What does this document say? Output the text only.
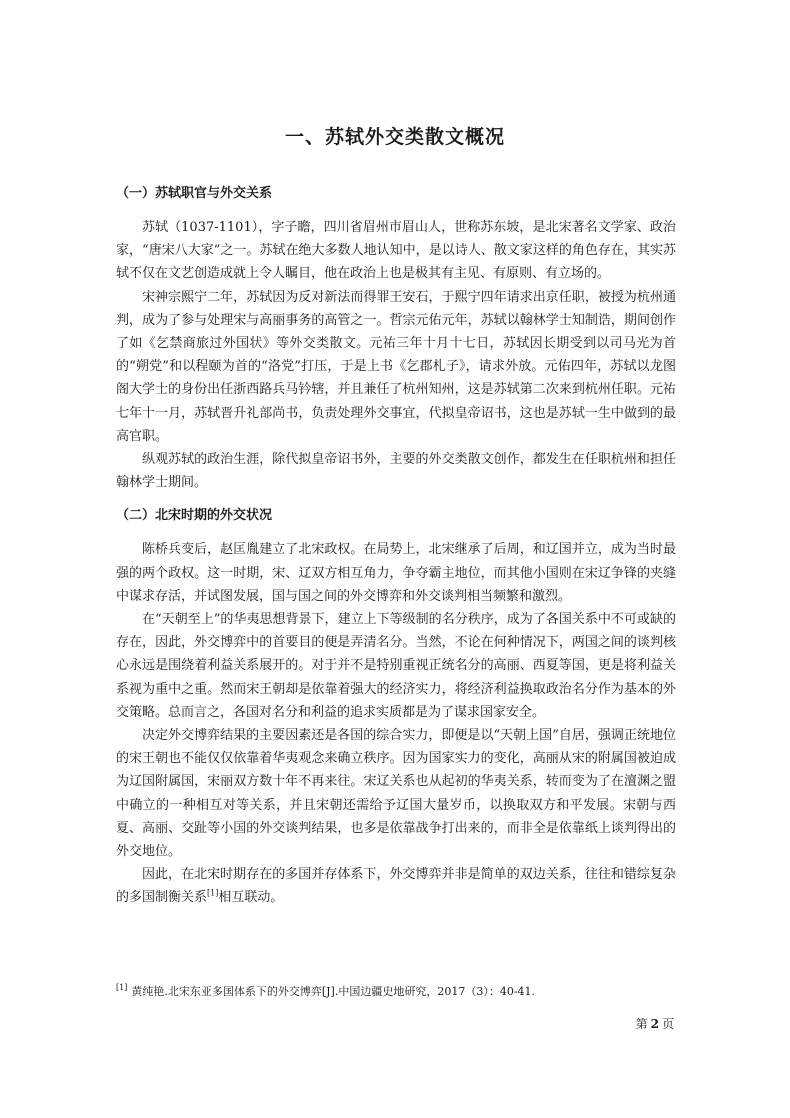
一、苏轼外交类散文概况
（一）苏轼职官与外交关系

苏轼（1037-1101），字子瞻，四川省眉州市眉山人，世称苏东坡，是北宋著名文学家、政治家，“唐宋八大家”之一。苏轼在绝大多数人地认知中，是以诗人、散文家这样的角色存在，其实苏轼不仅在文艺创造成就上令人瞩目，他在政治上也是极其有主见、有原则、有立场的。

宋神宗熙宁二年，苏轼因为反对新法而得罪王安石，于熙宁四年请求出京任职，被授为杭州通判，成为了参与处理宋与高丽事务的高管之一。哲宗元佑元年，苏轼以翰林学士知制诰，期间创作了如《乞禁商旅过外国状》等外交类散文。元祐三年十月十七日，苏轼因长期受到以司马光为首的“朔党”和以程颐为首的“洛党”打压，于是上书《乞郡札子》，请求外放。元佑四年，苏轼以龙图阁大学士的身份出任浙西路兵马钤辖，并且兼任了杭州知州，这是苏轼第二次来到杭州任职。元祐七年十一月，苏轼晋升礼部尚书，负责处理外交事宜，代拟皇帝诏书，这也是苏轼一生中做到的最高官职。

纵观苏轼的政治生涯，除代拟皇帝诏书外，主要的外交类散文创作，都发生在任职杭州和担任翰林学士期间。

（二）北宋时期的外交状况

陈桥兵变后，赵匡胤建立了北宋政权。在局势上，北宋继承了后周，和辽国并立，成为当时最强的两个政权。这一时期，宋、辽双方相互角力，争夺霸主地位，而其他小国则在宋辽争锋的夹缝中谋求存活，并试图发展，国与国之间的外交博弈和外交谈判相当频繁和激烈。

在“天朝至上”的华夷思想背景下，建立上下等级制的名分秩序，成为了各国关系中不可或缺的存在，因此，外交博弈中的首要目的便是弄清名分。当然，不论在何种情况下，两国之间的谈判核心永远是围绕着利益关系展开的。对于并不是特别重视正统名分的高丽、西夏等国，更是将利益关系视为重中之重。然而宋王朝却是依靠着强大的经济实力，将经济利益换取政治名分作为基本的外交策略。总而言之，各国对名分和利益的追求实质都是为了谋求国家安全。

决定外交博弈结果的主要因素还是各国的综合实力，即便是以“天朝上国”自居，强调正统地位的宋王朝也不能仅仅依靠着华夷观念来确立秩序。因为国家实力的变化，高丽从宋的附属国被迫成为辽国附属国，宋丽双方数十年不再来往。宋辽关系也从起初的华夷关系，转而变为了在澶渊之盟中确立的一种相互对等关系，并且宋朝还需给予辽国大量岁币，以换取双方和平发展。宋朝与西夏、高丽、交趾等小国的外交谈判结果，也多是依靠战争打出来的，而非全是依靠纸上谈判得出的外交地位。

因此，在北宋时期存在的多国并存体系下，外交博弈并非是简单的双边关系，往往和错综复杂的多国制衡关系[1]相互联动。

[1] 黄纯艳.北宋东亚多国体系下的外交博弈[J].中国边疆史地研究，2017（3）：40-41.
第 2 页
